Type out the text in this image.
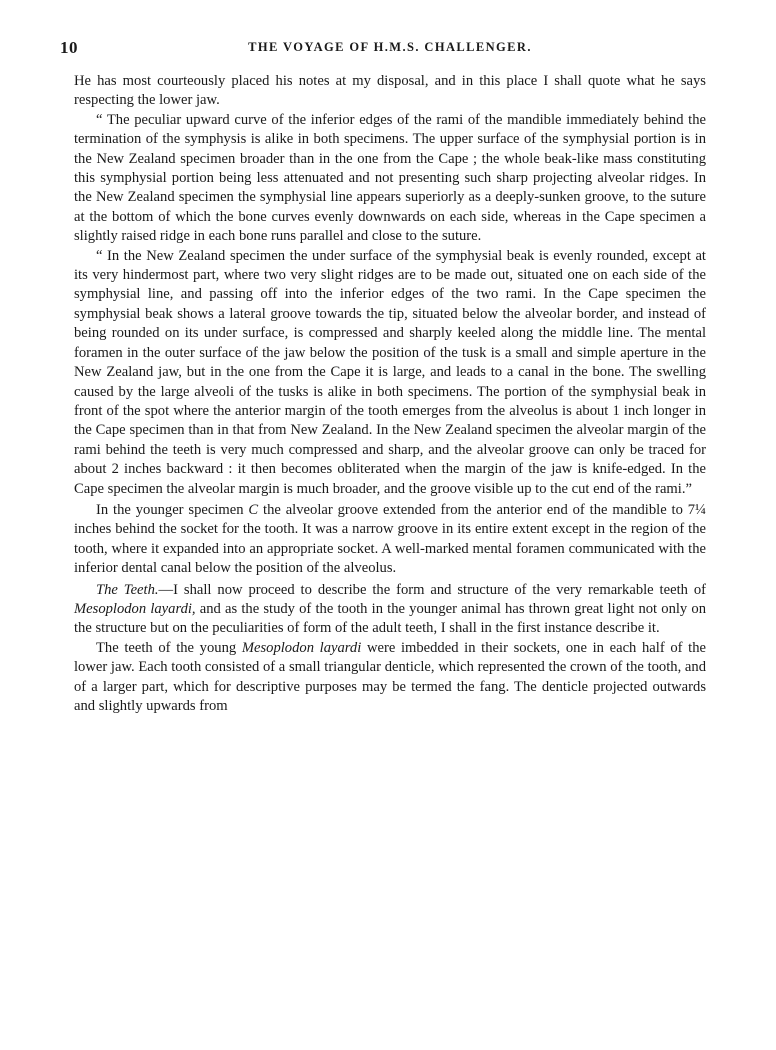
10	THE VOYAGE OF H.M.S. CHALLENGER.

He has most courteously placed his notes at my disposal, and in this place I shall quote what he says respecting the lower jaw.

“ The peculiar upward curve of the inferior edges of the rami of the mandible immediately behind the termination of the symphysis is alike in both specimens. The upper surface of the symphysial portion is in the New Zealand specimen broader than in the one from the Cape ; the whole beak-like mass constituting this symphysial portion being less attenuated and not presenting such sharp projecting alveolar ridges. In the New Zealand specimen the symphysial line appears superiorly as a deeply-sunken groove, to the suture at the bottom of which the bone curves evenly downwards on each side, whereas in the Cape specimen a slightly raised ridge in each bone runs parallel and close to the suture.

“ In the New Zealand specimen the under surface of the symphysial beak is evenly rounded, except at its very hindermost part, where two very slight ridges are to be made out, situated one on each side of the symphysial line, and passing off into the inferior edges of the two rami. In the Cape specimen the symphysial beak shows a lateral groove towards the tip, situated below the alveolar border, and instead of being rounded on its under surface, is compressed and sharply keeled along the middle line. The mental foramen in the outer surface of the jaw below the position of the tusk is a small and simple aperture in the New Zealand jaw, but in the one from the Cape it is large, and leads to a canal in the bone. The swelling caused by the large alveoli of the tusks is alike in both specimens. The portion of the symphysial beak in front of the spot where the anterior margin of the tooth emerges from the alveolus is about 1 inch longer in the Cape specimen than in that from New Zealand. In the New Zealand specimen the alveolar margin of the rami behind the teeth is very much compressed and sharp, and the alveolar groove can only be traced for about 2 inches backward : it then becomes obliterated when the margin of the jaw is knife-edged. In the Cape specimen the alveolar margin is much broader, and the groove visible up to the cut end of the rami.”

In the younger specimen C the alveolar groove extended from the anterior end of the mandible to 7¼ inches behind the socket for the tooth. It was a narrow groove in its entire extent except in the region of the tooth, where it expanded into an appropriate socket. A well-marked mental foramen communicated with the inferior dental canal below the position of the alveolus.

The Teeth.—I shall now proceed to describe the form and structure of the very remarkable teeth of Mesoplodon layardi, and as the study of the tooth in the younger animal has thrown great light not only on the structure but on the peculiarities of form of the adult teeth, I shall in the first instance describe it.

The teeth of the young Mesoplodon layardi were imbedded in their sockets, one in each half of the lower jaw. Each tooth consisted of a small triangular denticle, which represented the crown of the tooth, and of a larger part, which for descriptive purposes may be termed the fang. The denticle projected outwards and slightly upwards from
